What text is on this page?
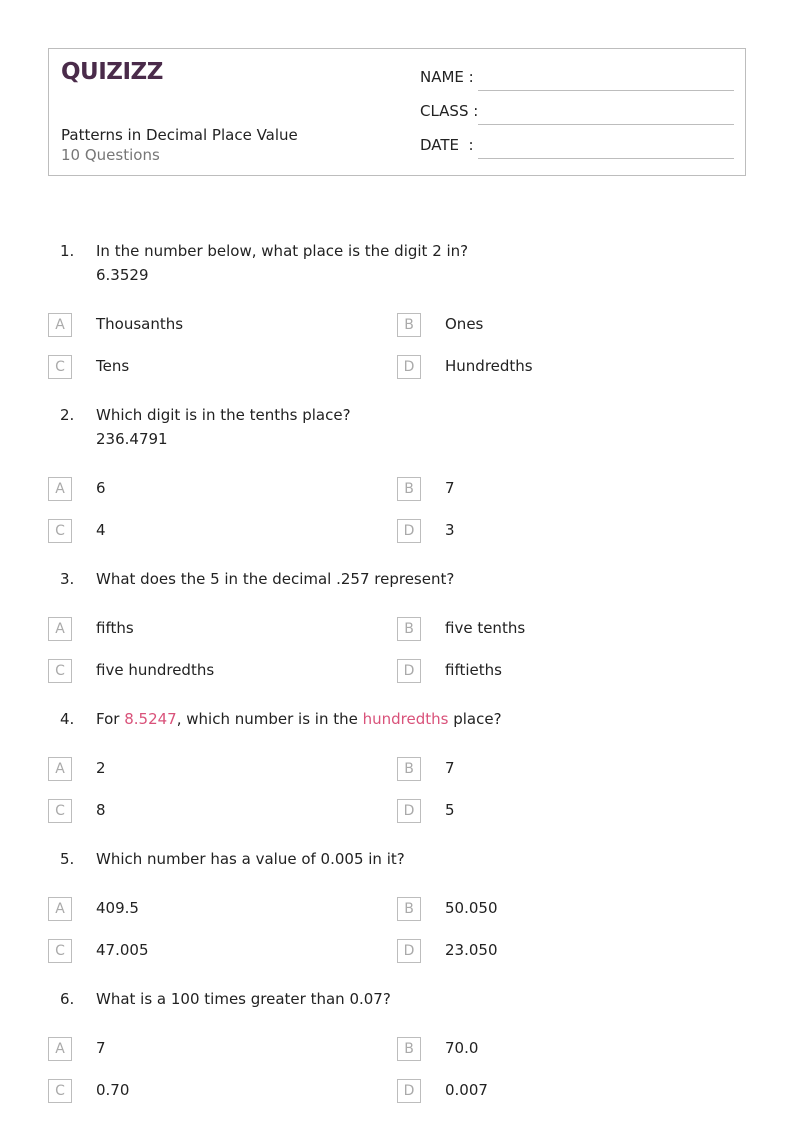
QUIZIZZ
Patterns in Decimal Place Value
10 Questions
NAME :
CLASS :
DATE  :
1. In the number below, what place is the digit 2 in?
6.3529
A	Thousanths	B	Ones
C	Tens	D	Hundredths
2. Which digit is in the tenths place?
236.4791
A	6	B	7
C	4	D	3
3. What does the 5 in the decimal .257 represent?
A	fifths	B	five tenths
C	five hundredths	D	fiftieths
4. For 8.5247, which number is in the hundredths place?
A	2	B	7
C	8	D	5
5. Which number has a value of 0.005 in it?
A	409.5	B	50.050
C	47.005	D	23.050
6. What is a 100 times greater than 0.07?
A	7	B	70.0
C	0.70	D	0.007
